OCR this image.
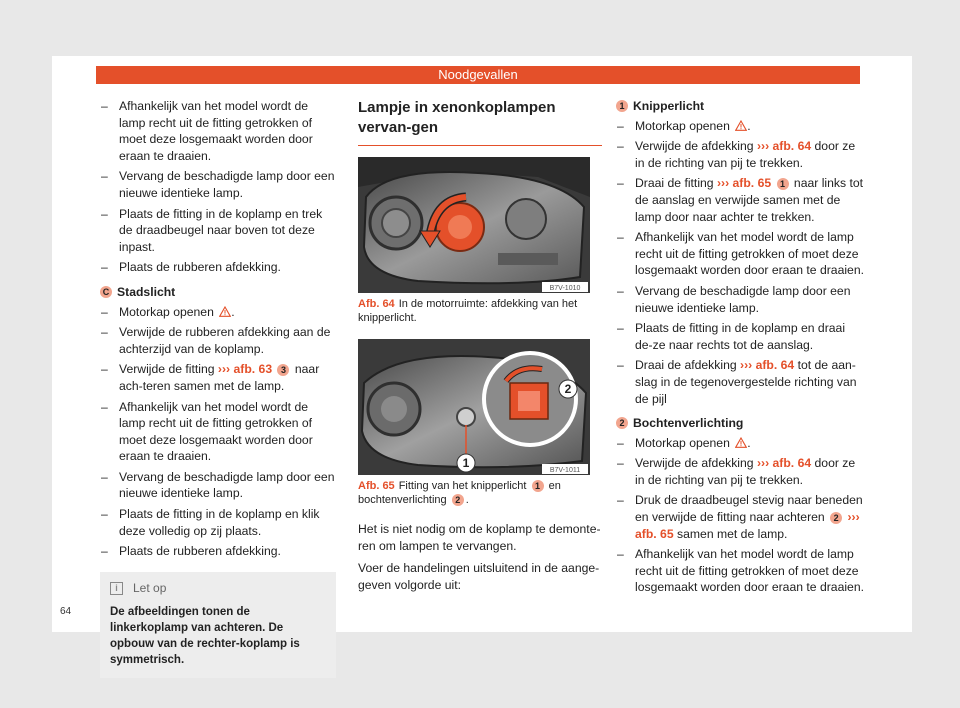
Noodgevallen
– Afhankelijk van het model wordt de lamp recht uit de fitting getrokken of moet deze losgemaakt worden door eraan te draaien.
– Vervang de beschadigde lamp door een nieuwe identieke lamp.
– Plaats de fitting in de koplamp en trek de draadbeugel naar boven tot deze inpast.
– Plaats de rubberen afdekking.
C Stadslicht
– Motorkap openen .
– Verwijde de rubberen afdekking aan de achterzijd van de koplamp.
– Verwijde de fitting ››› afb. 63 3 naar ach-teren samen met de lamp.
– Afhankelijk van het model wordt de lamp recht uit de fitting getrokken of moet deze losgemaakt worden door eraan te draaien.
– Vervang de beschadigde lamp door een nieuwe identieke lamp.
– Plaats de fitting in de koplamp en klik deze volledig op zij plaats.
– Plaats de rubberen afdekking.
i	Let op
De afbeeldingen tonen de linkerkoplamp van achteren. De opbouw van de rechter-koplamp is symmetrisch.
Lampje in xenonkoplampen vervan-gen
B7V-1010
Afb. 64 In de motorruimte: afdekking van het knipperlicht.
2
1
B7V-1011
Afb. 65 Fitting van het knipperlicht 1 en bochtenverlichting 2 .
Het is niet nodig om de koplamp te demonte-ren om lampen te vervangen.
Voer de handelingen uitsluitend in de aange-geven volgorde uit:
1 Knipperlicht
– Motorkap openen .
– Verwijde de afdekking ››› afb. 64 door ze in de richting van pij te trekken.
– Draai de fitting ››› afb. 65 1 naar links tot de aanslag en verwijde samen met de lamp door naar achter te trekken.
– Afhankelijk van het model wordt de lamp recht uit de fitting getrokken of moet deze losgemaakt worden door eraan te draaien.
– Vervang de beschadigde lamp door een nieuwe identieke lamp.
– Plaats de fitting in de koplamp en draai de-ze naar rechts tot de aanslag.
– Draai de afdekking ››› afb. 64 tot de aan-slag in de tegenovergestelde richting van de pijl
2 Bochtenverlichting
– Motorkap openen .
– Verwijde de afdekking ››› afb. 64 door ze in de richting van pij te trekken.
– Druk de draadbeugel stevig naar beneden en verwijde de fitting naar achteren 2 ››› afb. 65 samen met de lamp.
– Afhankelijk van het model wordt de lamp recht uit de fitting getrokken of moet deze losgemaakt worden door eraan te draaien.
64
